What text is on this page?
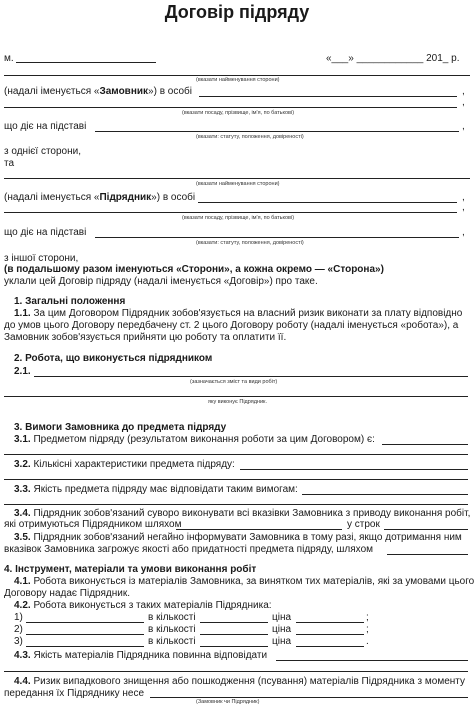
Договір підряду
м.	«___» ____________ 201_ р.
(вказати найменування сторони)
(надалі іменується «Замовник») в особі	,
,
(вказати посаду, прізвище, ім'я, по батькові)
що діє на підставі	,
(вказати: статуту, положення, довіреності)
з однієї сторони,
та
(вказати найменування сторони)
(надалі іменується «Підрядник») в особі	,
,
(вказати посаду, прізвище, ім'я, по батькові)
що діє на підставі	,
(вказати: статуту, положення, довіреності)
з іншої сторони,
(в подальшому разом іменуються «Сторони», а кожна окремо — «Сторона»)
уклали цей Договір підряду (надалі іменується «Договір») про таке.
1. Загальні положення
1.1. За цим Договором Підрядник зобов'язується на власний ризик виконати за плату відповідно
до умов цього Договору передбачену ст. 2 цього Договору роботу (надалі іменується «робота»), а
Замовник зобов'язується прийняти цю роботу та оплатити її.
2. Робота, що виконується підрядником
2.1.
(зазначається зміст та види робіт)
яку виконує Підрядник.
3. Вимоги Замовника до предмета підряду
3.1. Предметом підряду (результатом виконання роботи за цим Договором) є:
3.2. Кількісні характеристики предмета підряду:
3.3. Якість предмета підряду має відповідати таким вимогам:
3.4. Підрядник зобов'язаний суворо виконувати всі вказівки Замовника з приводу виконання робіт,
які отримуються Підрядником шляхом	у строк
3.5. Підрядник зобов'язаний негайно інформувати Замовника в тому разі, якщо дотримання ним
вказівок Замовника загрожує якості або придатності предмета підряду, шляхом
4. Інструмент, матеріали та умови виконання робіт
4.1. Робота виконується із матеріалів Замовника, за винятком тих матеріалів, які за умовами цього
Договору надає Підрядник.
4.2. Робота виконується з таких матеріалів Підрядника:
1)	в кількості	ціна	;
2)	в кількості	ціна	;
3)	в кількості	ціна	.
4.3. Якість матеріалів Підрядника повинна відповідати
4.4. Ризик випадкового знищення або пошкодження (псування) матеріалів Підрядника з моменту
передання їх Підряднику несе
(Замовник чи Підрядник)
